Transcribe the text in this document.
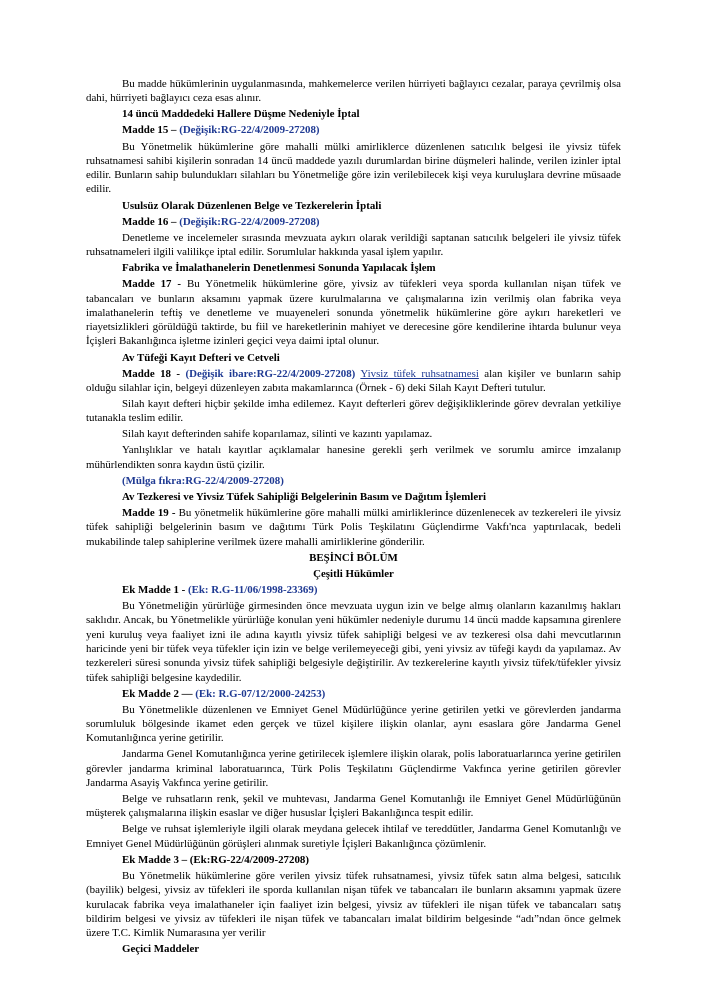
Bu madde hükümlerinin uygulanmasında, mahkemelerce verilen hürriyeti bağlayıcı cezalar, paraya çevrilmiş olsa dahi, hürriyeti bağlayıcı ceza esas alınır.

14 üncü Maddedeki Hallere Düşme Nedeniyle İptal
Madde 15 – (Değişik:RG-22/4/2009-27208)

Bu Yönetmelik hükümlerine göre mahalli mülki amirliklerce düzenlenen satıcılık belgesi ile yivsiz tüfek ruhsatnamesi sahibi kişilerin sonradan 14 üncü maddede yazılı durumlardan birine düşmeleri halinde, verilen izinler iptal edilir. Bunların sahip bulundukları silahları bu Yönetmeliğe göre izin verilebilecek kişi veya kuruluşlara devrine müsaade edilir.

Usulsüz Olarak Düzenlenen Belge ve Tezkerelerin İptali
Madde 16 – (Değişik:RG-22/4/2009-27208)

Denetleme ve incelemeler sırasında mevzuata aykırı olarak verildiği saptanan satıcılık belgeleri ile yivsiz tüfek ruhsatnameleri ilgili valilikçe iptal edilir. Sorumlular hakkında yasal işlem yapılır.

Fabrika ve İmalathanelerin Denetlenmesi Sonunda Yapılacak İşlem

Madde 17 - Bu Yönetmelik hükümlerine göre, yivsiz av tüfekleri veya sporda kullanılan nişan tüfek ve tabancaları ve bunların aksamını yapmak üzere kurulmalarına ve çalışmalarına izin verilmiş olan fabrika veya imalathanelerin teftiş ve denetleme ve muayeneleri sonunda yönetmelik hükümlerine göre aykırı hareketleri ve riayetsizlikleri görüldüğü taktirde, bu fiil ve hareketlerinin mahiyet ve derecesine göre kendilerine ihtarda bulunur veya İçişleri Bakanlığınca işletme izinleri geçici veya daimi iptal olunur.

Av Tüfeği Kayıt Defteri ve Cetveli

Madde 18 - (Değişik ibare:RG-22/4/2009-27208) Yivsiz tüfek ruhsatnamesi alan kişiler ve bunların sahip olduğu silahlar için, belgeyi düzenleyen zabıta makamlarınca (Örnek - 6) deki Silah Kayıt Defteri tutulur.

Silah kayıt defteri hiçbir şekilde imha edilemez. Kayıt defterleri görev değişikliklerinde görev devralan yetkiliye tutanakla teslim edilir.

Silah kayıt defterinden sahife koparılamaz, silinti ve kazıntı yapılamaz.

Yanlışlıklar ve hatalı kayıtlar açıklamalar hanesine gerekli şerh verilmek ve sorumlu amirce imzalanıp mühürlendikten sonra kaydın üstü çizilir.

(Mülga fıkra:RG-22/4/2009-27208)

Av Tezkeresi ve Yivsiz Tüfek Sahipliği Belgelerinin Basım ve Dağıtım İşlemleri

Madde 19 - Bu yönetmelik hükümlerine göre mahalli mülki amirliklerince düzenlenecek av tezkereleri ile yivsiz tüfek sahipliği belgelerinin basım ve dağıtımı Türk Polis Teşkilatını Güçlendirme Vakfı'nca yaptırılacak, bedeli mukabilinde talep sahiplerine verilmek üzere mahalli amirliklerine gönderilir.

BEŞİNCİ BÖLÜM
Çeşitli Hükümler
Ek Madde 1 - (Ek: R.G-11/06/1998-23369)

Bu Yönetmeliğin yürürlüğe girmesinden önce mevzuata uygun izin ve belge almış olanların kazanılmış hakları saklıdır. Ancak, bu Yönetmelikle yürürlüğe konulan yeni hükümler nedeniyle durumu 14 üncü madde kapsamına girenlere yeni kuruluş veya faaliyet izni ile adına kayıtlı yivsiz tüfek sahipliği belgesi ve av tezkeresi olsa dahi mevcutlarının haricinde yeni bir tüfek veya tüfekler için izin ve belge verilemeyeceği gibi, yeni yivsiz av tüfeği kaydı da yapılamaz. Av tezkereleri süresi sonunda yivsiz tüfek sahipliği belgesiyle değiştirilir. Av tezkerelerine kayıtlı yivsiz tüfek/tüfekler yivsiz tüfek sahipliği belgesine kaydedilir.

Ek Madde 2 — (Ek: R.G-07/12/2000-24253)

Bu Yönetmelikle düzenlenen ve Emniyet Genel Müdürlüğünce yerine getirilen yetki ve görevlerden jandarma sorumluluk bölgesinde ikamet eden gerçek ve tüzel kişilere ilişkin olanlar, aynı esaslara göre Jandarma Genel Komutanlığınca yerine getirilir.

Jandarma Genel Komutanlığınca yerine getirilecek işlemlere ilişkin olarak, polis laboratuarlarınca yerine getirilen görevler jandarma kriminal laboratuarınca, Türk Polis Teşkilatını Güçlendirme Vakfınca yerine getirilen görevler Jandarma Asayiş Vakfınca yerine getirilir.

Belge ve ruhsatların renk, şekil ve muhtevası, Jandarma Genel Komutanlığı ile Emniyet Genel Müdürlüğünün müşterek çalışmalarına ilişkin esaslar ve diğer hususlar İçişleri Bakanlığınca tespit edilir.

Belge ve ruhsat işlemleriyle ilgili olarak meydana gelecek ihtilaf ve tereddütler, Jandarma Genel Komutanlığı ve Emniyet Genel Müdürlüğünün görüşleri alınmak suretiyle İçişleri Bakanlığınca çözümlenir.

Ek Madde 3 – (Ek:RG-22/4/2009-27208)

Bu Yönetmelik hükümlerine göre verilen yivsiz tüfek ruhsatnamesi, yivsiz tüfek satın alma belgesi, satıcılık (bayilik) belgesi, yivsiz av tüfekleri ile sporda kullanılan nişan tüfek ve tabancaları ile bunların aksamını yapmak üzere kurulacak fabrika veya imalathaneler için faaliyet izin belgesi, yivsiz av tüfekleri ile nişan tüfek ve tabancaları satış bildirim belgesi ve yivsiz av tüfekleri ile nişan tüfek ve tabancaları imalat bildirim belgesinde “adı”ndan önce gelmek üzere T.C. Kimlik Numarasına yer verilir

Geçici Maddeler
